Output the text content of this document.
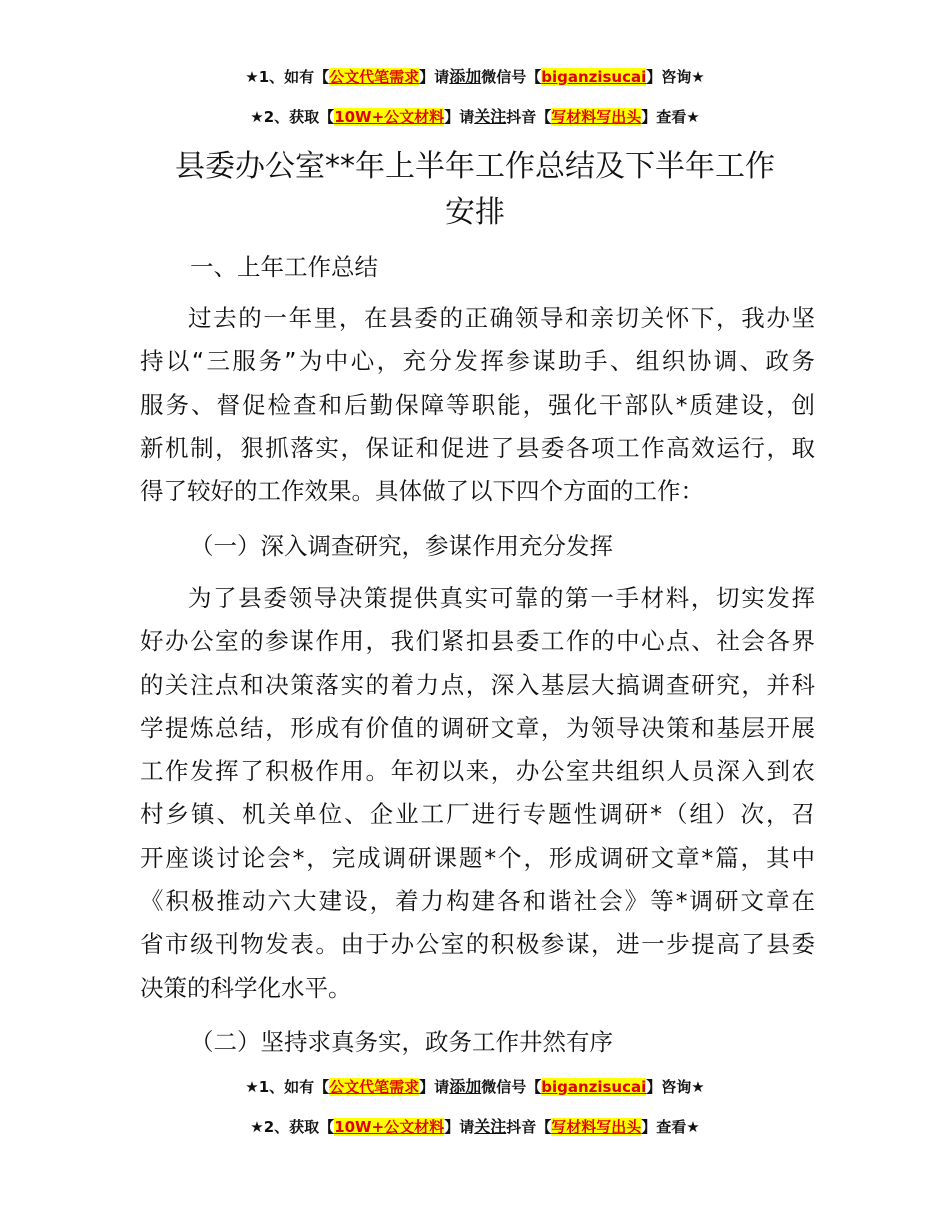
★1、如有【公文代笔需求】请添加微信号【biganzisucai】咨询★
★2、获取【10W+公文材料】请关注抖音【写材料写出头】查看★
县委办公室**年上半年工作总结及下半年工作
安排
一、上年工作总结
过去的一年里，在县委的正确领导和亲切关怀下，我办坚
持以“三服务”为中心，充分发挥参谋助手、组织协调、政务
服务、督促检查和后勤保障等职能，强化干部队*质建设，创
新机制，狠抓落实，保证和促进了县委各项工作高效运行，取
得了较好的工作效果。具体做了以下四个方面的工作：
（一）深入调查研究，参谋作用充分发挥
为了县委领导决策提供真实可靠的第一手材料，切实发挥
好办公室的参谋作用，我们紧扣县委工作的中心点、社会各界
的关注点和决策落实的着力点，深入基层大搞调查研究，并科
学提炼总结，形成有价值的调研文章，为领导决策和基层开展
工作发挥了积极作用。年初以来，办公室共组织人员深入到农
村乡镇、机关单位、企业工厂进行专题性调研*（组）次，召
开座谈讨论会*，完成调研课题*个，形成调研文章*篇，其中
《积极推动六大建设，着力构建各和谐社会》等*调研文章在
省市级刊物发表。由于办公室的积极参谋，进一步提高了县委
决策的科学化水平。
（二）坚持求真务实，政务工作井然有序
★1、如有【公文代笔需求】请添加微信号【biganzisucai】咨询★
★2、获取【10W+公文材料】请关注抖音【写材料写出头】查看★
